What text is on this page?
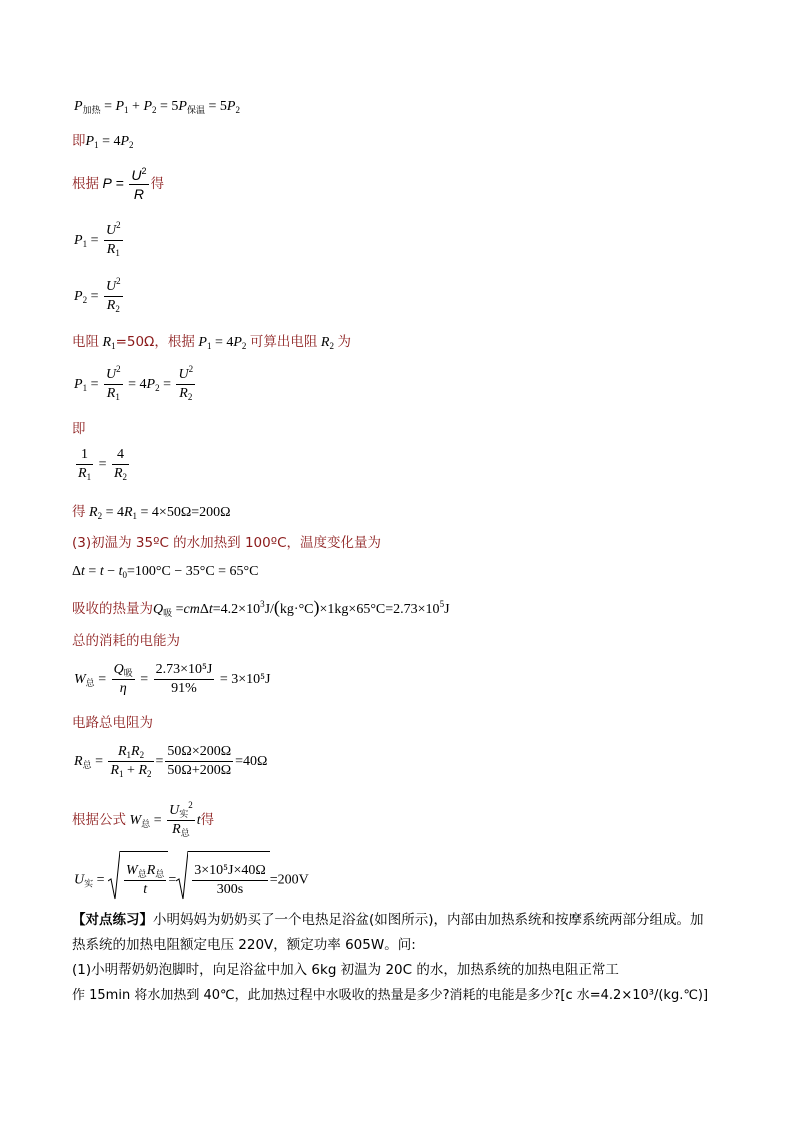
$P_{加热} = P_1 + P_2 = 5P_{保温} = 5P_2$
即$P_1 = 4P_2$
根据 $P = \frac{U^2}{R}$ 得
$P_1 = \frac{U^2}{R_1}$
$P_2 = \frac{U^2}{R_2}$
电阻 $R_1=50\Omega$，根据 $P_1 = 4P_2$ 可算出电阻 $R_2$ 为
$P_1 = \frac{U^2}{R_1} = 4P_2 = \frac{U^2}{R_2}$
即
$\frac{1}{R_1} = \frac{4}{R_2}$
得 $R_2 = 4R_1 = 4\times 50\Omega=200\Omega$
(3)初温为 35ºC 的水加热到 100ºC，温度变化量为
$\Delta t = t - t_0=100^\circ C - 35^\circ C = 65^\circ C$
吸收的热量为$Q_吸 =cm\Delta t=4.2\times 10^3J/(kg\cdot^\circ C)\times 1kg\times 65^\circ C=2.73\times 10^5J$
总的消耗的电能为
$W_总 = \frac{Q_吸}{\eta} = \frac{\text{2.73×10⁵J}}{91\%} = 3\times 10^5J$
电路总电阻为
$R_总 = \frac{R_1R_2}{R_1 + R_2} = \frac{50\Omega\times 200\Omega}{50\Omega+200\Omega} =40\Omega$
根据公式 $W_总 = \frac{U_实^2}{R_总}$ t得
$U_实 = \frac{W_总R_总}{t} = \frac{\text{3×10⁵J×40Ω}}{300s} =200V$
【对点练习】小明妈妈为奶奶买了一个电热足浴盆(如图所示)，内部由加热系统和按摩系统两部分组成。加
热系统的加热电阻额定电压 220V，额定功率 605W。问:
(1)小明帮奶奶泡脚时，向足浴盆中加入 6kg 初温为 20C 的水，加热系统的加热电阻正常工
作 15min 将水加热到 40℃，此加热过程中水吸收的热量是多少?消耗的电能是多少?[c 水=4.2×10³/(kg.℃)]
